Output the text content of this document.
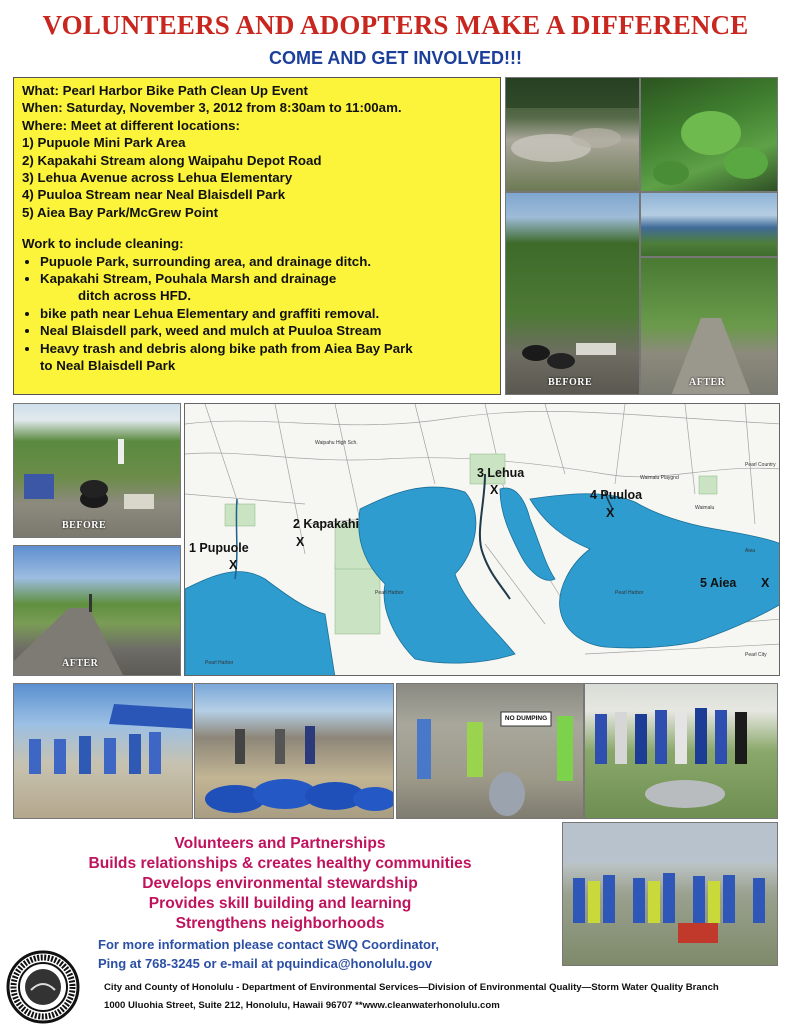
VOLUNTEERS AND ADOPTERS MAKE A DIFFERENCE
COME AND GET INVOLVED!!!
What: Pearl Harbor Bike Path Clean Up Event
When: Saturday, November 3, 2012 from 8:30am to 11:00am.
Where: Meet at different locations:
1) Pupuole Mini Park Area
2) Kapakahi Stream along Waipahu Depot Road
3) Lehua Avenue across Lehua Elementary
4) Puuloa Stream near Neal Blaisdell Park
5) Aiea Bay Park/McGrew Point
Work to include cleaning:
• Pupuole Park, surrounding area, and drainage ditch.
• Kapakahi Stream, Pouhala Marsh and drainage
ditch across HFD.
• bike path near Lehua Elementary and graffiti removal.
• Neal Blaisdell park, weed and mulch at Puuloa Stream
• Heavy trash and debris along bike path from Aiea Bay Park
to Neal Blaisdell Park
BEFORE	AFTER
BEFORE
AFTER
Waipahu High Sch.
Pearl Country
Waimalu Playgnd
Waimalu
Aiea
Pearl City
Pearl Harbor
Pearl Harbor	Pearl Harbor
1 Pupuole
X
2 Kapakahi
X
3 Lehua
X	4 Puuloa
X
5 Aiea X
NO DUMPING
Volunteers and Partnerships
Builds relationships & creates healthy communities
Develops environmental stewardship
Provides skill building and learning
Strengthens neighborhoods
For more information please contact SWQ Coordinator,
Ping at 768-3245 or e-mail at pquindica@honolulu.gov
City and County of Honolulu - Department of Environmental Services—Division of Environmental Quality—Storm Water Quality Branch
1000 Uluohia Street, Suite 212, Honolulu, Hawaii 96707 **www.cleanwaterhonolulu.com
